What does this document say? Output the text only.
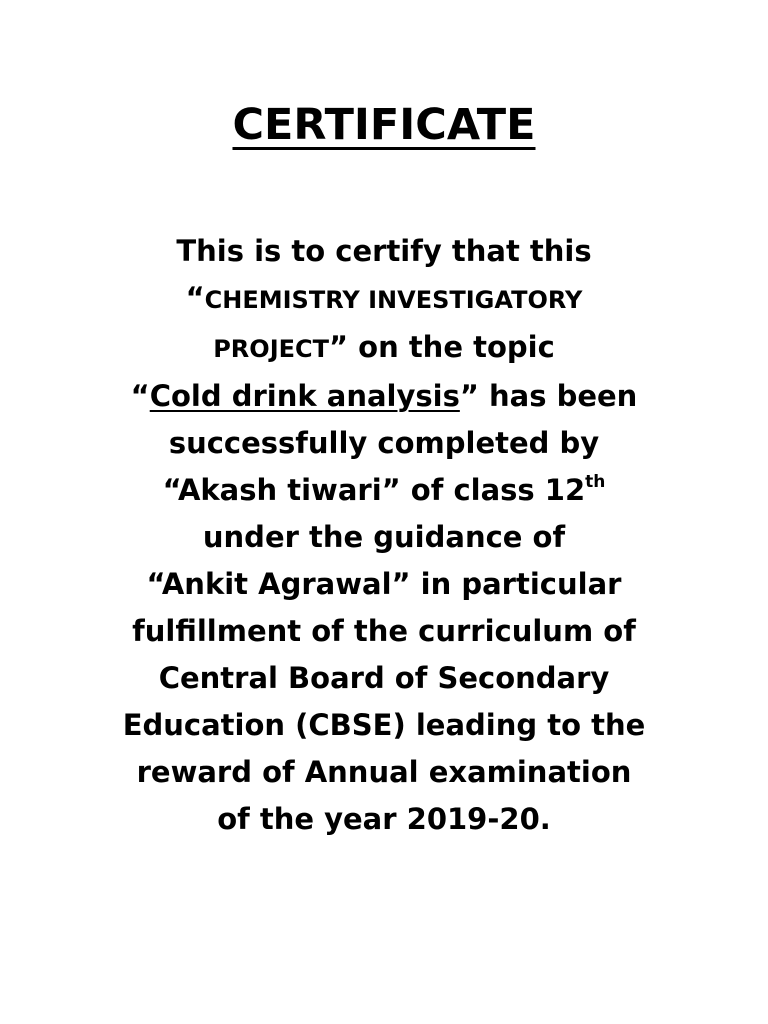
CERTIFICATE

This is to certify that this
“CHEMISTRY INVESTIGATORY
PROJECT” on the topic
“Cold drink analysis” has been
successfully completed by
“Akash tiwari” of class 12th
under the guidance of
“Ankit Agrawal” in particular
fulfillment of the curriculum of
Central Board of Secondary
Education (CBSE) leading to the
reward of Annual examination
of the year 2019-20.
